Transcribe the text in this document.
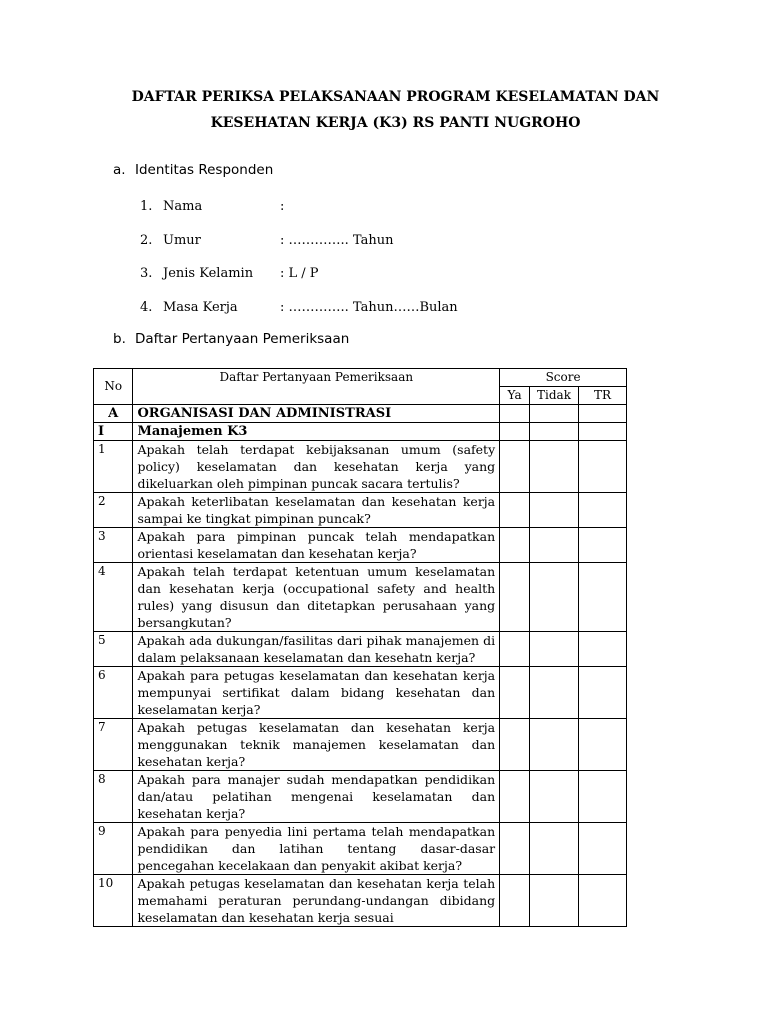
DAFTAR PERIKSA PELAKSANAAN PROGRAM KESELAMATAN DAN
KESEHATAN KERJA (K3) RS PANTI NUGROHO
a. Identitas Responden
1. Nama	:
2. Umur	: ………….. Tahun
3. Jenis Kelamin : L / P
4. Masa Kerja	: ………….. Tahun……Bulan
b. Daftar Pertanyaan Pemeriksaan
No	Daftar Pertanyaan Pemeriksaan	Score		
		Ya	Tidak	TR
A	ORGANISASI DAN ADMINISTRASI			
I	Manajemen K3			
1	Apakah telah terdapat kebijaksanan umum (safety policy) keselamatan dan kesehatan kerja yang dikeluarkan oleh pimpinan puncak sacara tertulis?			
2	Apakah keterlibatan keselamatan dan kesehatan kerja sampai ke tingkat pimpinan puncak?			
3	Apakah para pimpinan puncak telah mendapatkan orientasi keselamatan dan kesehatan kerja?			
4	Apakah telah terdapat ketentuan umum keselamatan dan kesehatan kerja (occupational safety and health rules) yang disusun dan ditetapkan perusahaan yang bersangkutan?			
5	Apakah ada dukungan/fasilitas dari pihak manajemen di dalam pelaksanaan keselamatan dan kesehatn kerja?			
6	Apakah para petugas keselamatan dan kesehatan kerja mempunyai sertifikat dalam bidang kesehatan dan keselamatan kerja?			
7	Apakah petugas keselamatan dan kesehatan kerja menggunakan teknik manajemen keselamatan dan kesehatan kerja?			
8	Apakah para manajer sudah mendapatkan pendidikan dan/atau pelatihan mengenai keselamatan dan kesehatan kerja?			
9	Apakah para penyedia lini pertama telah mendapatkan pendidikan dan latihan tentang dasar-dasar pencegahan kecelakaan dan penyakit akibat kerja?			
10	Apakah petugas keselamatan dan kesehatan kerja telah memahami peraturan perundang-undangan dibidang keselamatan dan kesehatan kerja sesuai			
